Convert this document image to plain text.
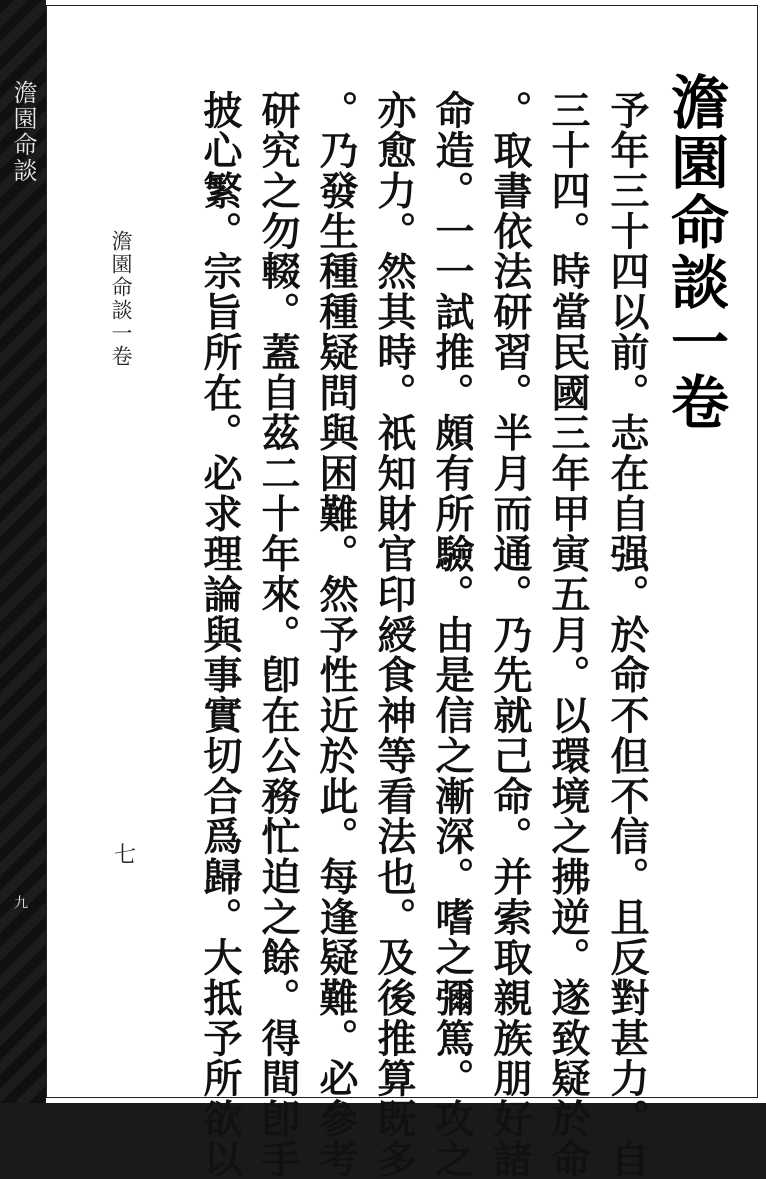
澹園命談
九
澹園命談一卷
予年三十四以前。志在自强。於命不但不信。且反對甚力。自
三十四。時當民國三年甲寅五月。以環境之拂逆。遂致疑於命
。取書依法研習。半月而通。乃先就己命。并索取親族朋好諸
命造。一一試推。頗有所驗。由是信之漸深。嗜之彌篤。攻之
亦愈力。然其時。祇知財官印綬食神等看法也。及後推算既多
。乃發生種種疑問與困難。然予性近於此。每逢疑難。必參考
研究之勿輟。蓋自茲二十年來。卽在公務忙迫之餘。得間卽手
披心繁。宗旨所在。必求理論與事實切合爲歸。大抵予所欲以
澹園命談一卷
七
